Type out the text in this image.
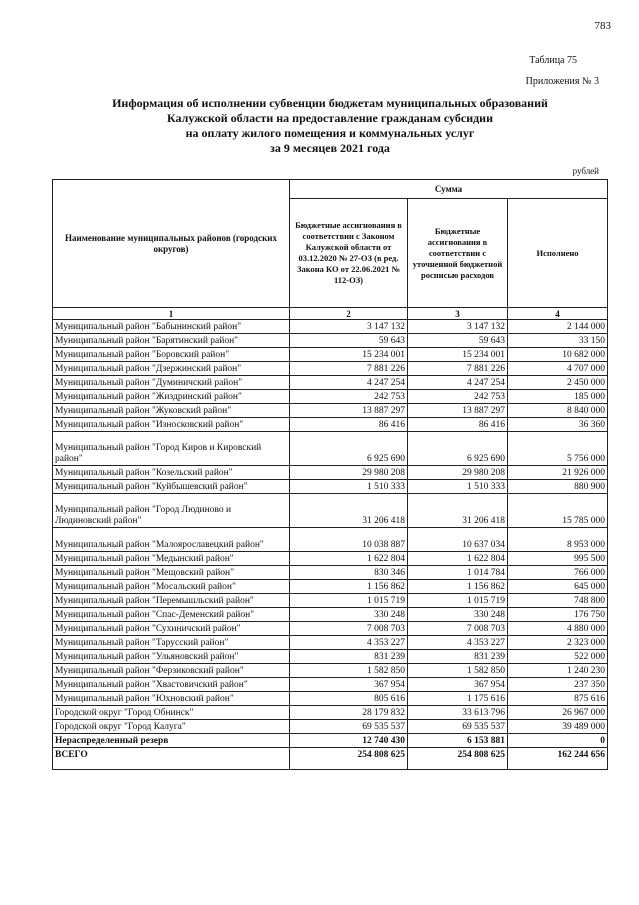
783
Таблица 75
Приложения № 3
Информация об исполнении субвенции бюджетам муниципальных образований
Калужской области на предоставление гражданам субсидии
на оплату жилого помещения и коммунальных услуг
за 9 месяцев 2021 года
рублей
Наименование муниципальных районов (городских округов)	Сумма		
	Бюджетные ассигнования в соответствии с Законом Калужской области от 03.12.2020 № 27-ОЗ (в ред. Закона КО от 22.06.2021 № 112-ОЗ)	Бюджетные ассигнования в соответствии с уточненной бюджетной росписью расходов	Исполнено
1	2	3	4
Муниципальный район "Бабынинский район"	3 147 132	3 147 132	2 144 000
Муниципальный район "Барятинский район"	59 643	59 643	33 150
Муниципальный район "Боровский район"	15 234 001	15 234 001	10 682 000
Муниципальный район "Дзержинский район"	7 881 226	7 881 226	4 707 000
Муниципальный район "Думиничский район"	4 247 254	4 247 254	2 450 000
Муниципальный район "Жиздринский район"	242 753	242 753	185 000
Муниципальный район "Жуковский район"	13 887 297	13 887 297	8 840 000
Муниципальный район "Износковский район"	86 416	86 416	36 360
Муниципальный район "Город Киров и Кировский район"	6 925 690	6 925 690	5 756 000
Муниципальный район "Козельский район"	29 980 208	29 980 208	21 926 000
Муниципальный район "Куйбышевский район"	1 510 333	1 510 333	880 900
Муниципальный район "Город Людиново и Людиновский район"	31 206 418	31 206 418	15 785 000
Муниципальный район "Малоярославецкий район"	10 038 887	10 637 034	8 953 000
Муниципальный район "Медынский район"	1 622 804	1 622 804	995 500
Муниципальный район "Мещовский район"	830 346	1 014 784	766 000
Муниципальный район "Мосальский район"	1 156 862	1 156 862	645 000
Муниципальный район "Перемышльский район"	1 015 719	1 015 719	748 800
Муниципальный район "Спас-Деменский район"	330 248	330 248	176 750
Муниципальный район "Сухиничский район"	7 008 703	7 008 703	4 880 000
Муниципальный район "Тарусский район"	4 353 227	4 353 227	2 323 000
Муниципальный район "Ульяновский район"	831 239	831 239	522 000
Муниципальный район "Ферзиковский район"	1 582 850	1 582 850	1 240 230
Муниципальный район "Хвастовичский район"	367 954	367 954	237 350
Муниципальный район "Юхновский район"	805 616	1 175 616	875 616
Городской округ "Город Обнинск"	28 179 832	33 613 796	26 967 000
Городской округ "Город Калуга"	69 535 537	69 535 537	39 489 000
Нераспределенный резерв	12 740 430	6 153 881	0
ВСЕГО	254 808 625	254 808 625	162 244 656
